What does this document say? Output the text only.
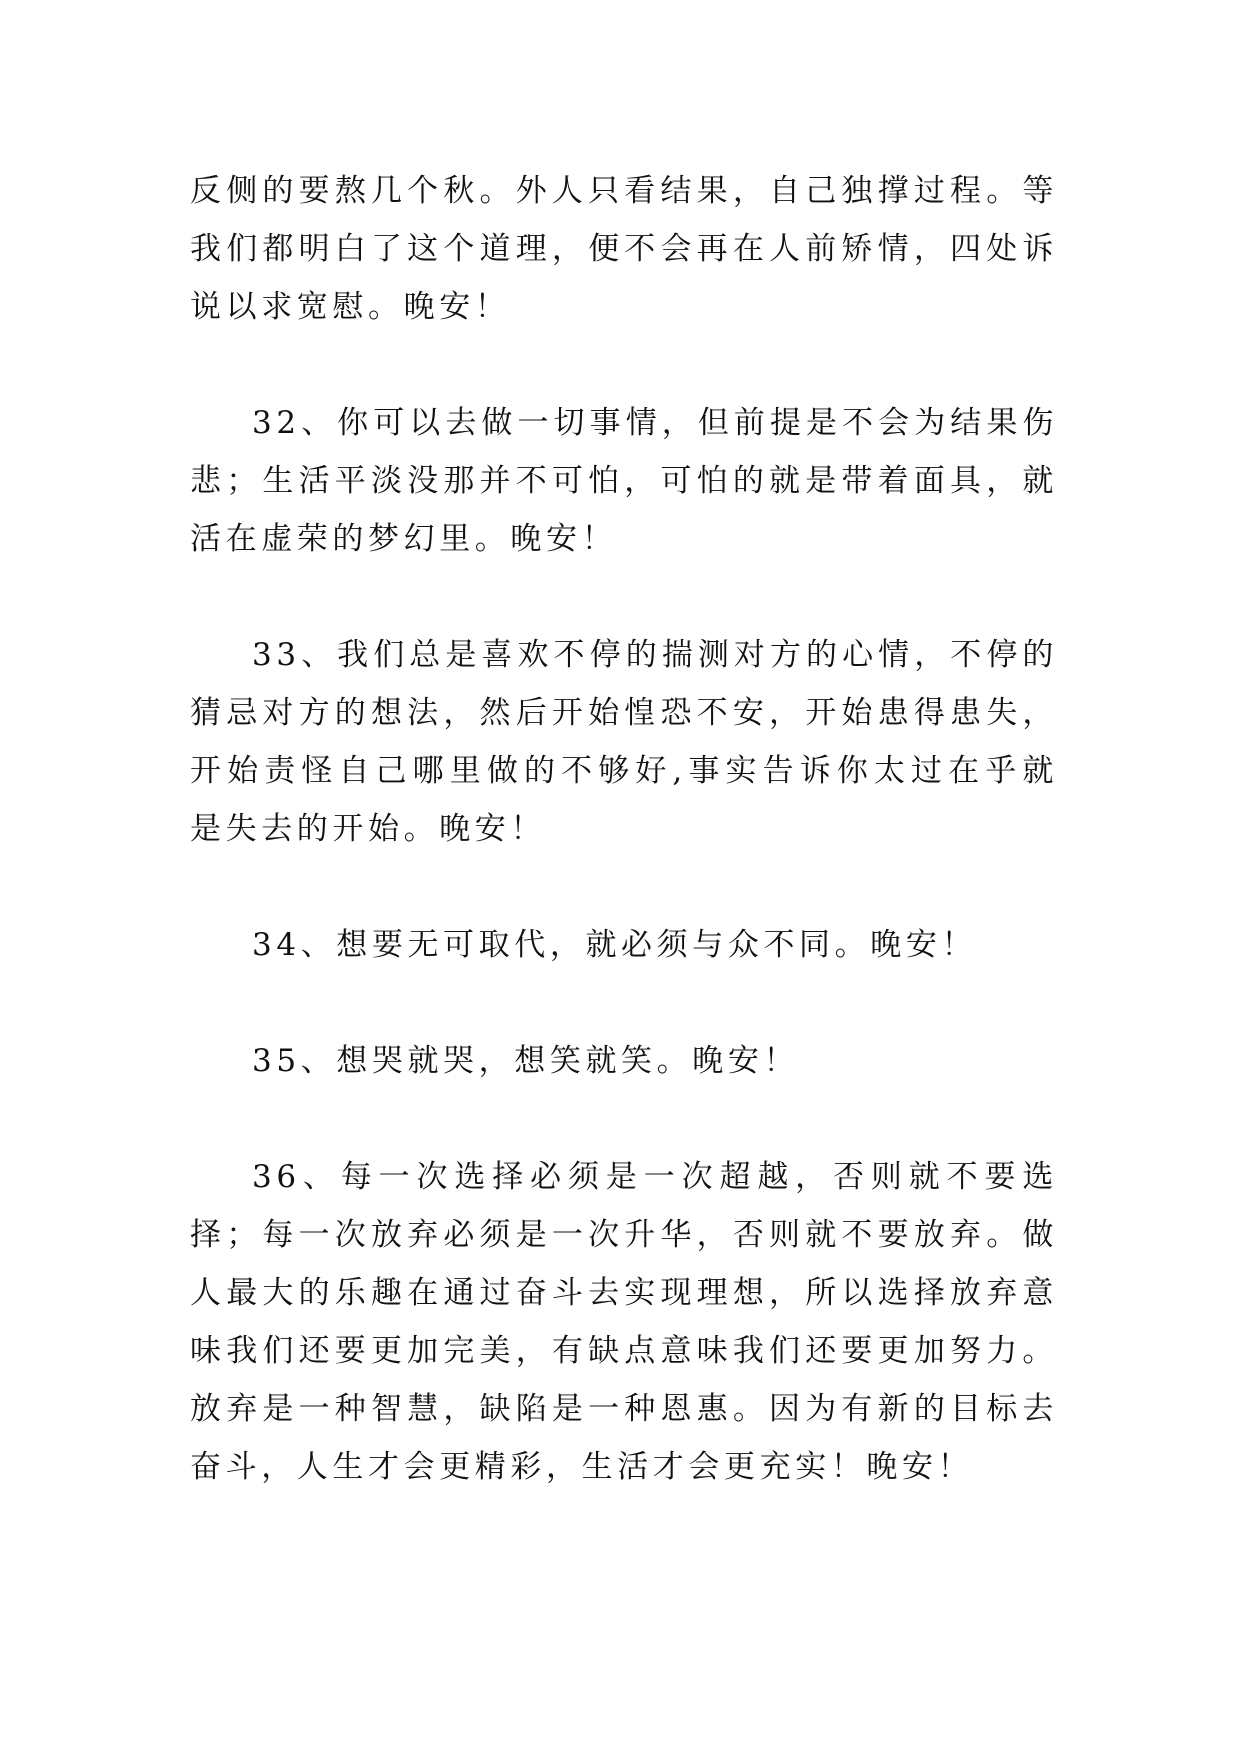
反侧的要熬几个秋。外人只看结果，自己独撑过程。等我们都明白了这个道理，便不会再在人前矫情，四处诉说以求宽慰。晚安！

32、你可以去做一切事情，但前提是不会为结果伤悲；生活平淡没那并不可怕，可怕的就是带着面具，就活在虚荣的梦幻里。晚安！

33、我们总是喜欢不停的揣测对方的心情，不停的猜忌对方的想法，然后开始惶恐不安，开始患得患失，开始责怪自己哪里做的不够好,事实告诉你太过在乎就是失去的开始。晚安！

34、想要无可取代，就必须与众不同。晚安！

35、想哭就哭，想笑就笑。晚安！

36、每一次选择必须是一次超越，否则就不要选择；每一次放弃必须是一次升华，否则就不要放弃。做人最大的乐趣在通过奋斗去实现理想，所以选择放弃意味我们还要更加完美，有缺点意味我们还要更加努力。放弃是一种智慧，缺陷是一种恩惠。因为有新的目标去奋斗，人生才会更精彩，生活才会更充实！晚安！
